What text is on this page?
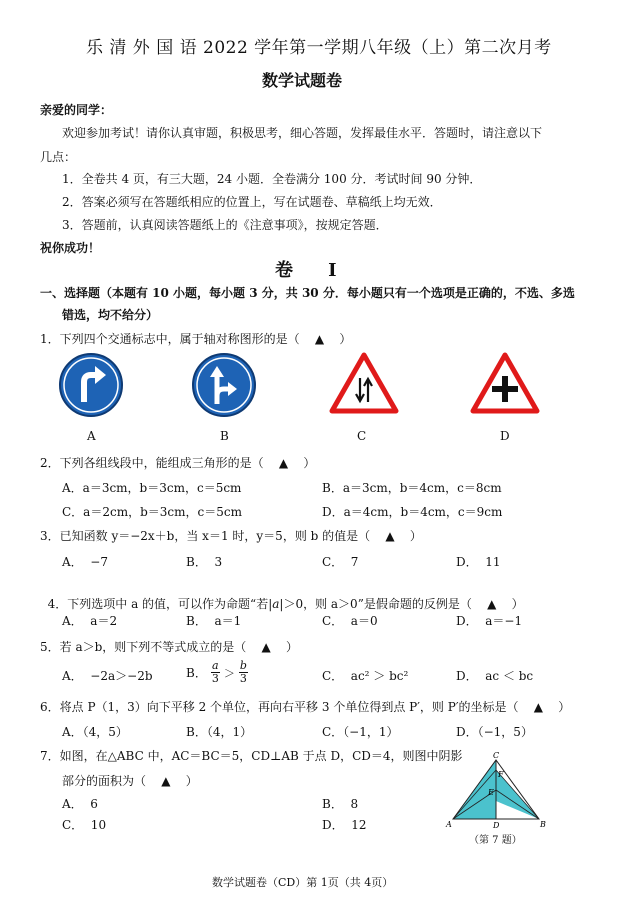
乐 清 外 国 语 2022 学年第一学期八年级（上）第二次月考
数学试题卷
亲爱的同学：
欢迎参加考试！请你认真审题，积极思考，细心答题，发挥最佳水平．答题时，请注意以下
几点：
1．全卷共 4 页，有三大题，24 小题．全卷满分 100 分．考试时间 90 分钟．
2．答案必须写在答题纸相应的位置上，写在试题卷、草稿纸上均无效．
3．答题前，认真阅读答题纸上的《注意事项》，按规定答题．
祝你成功！
卷    Ⅰ
一、选择题（本题有 10 小题，每小题 3 分，共 30 分．每小题只有一个选项是正确的，不选、多选
错选，均不给分）
1．下列四个交通标志中，属于轴对称图形的是（    ▲    ）
A	B	C	D
2．下列各组线段中，能组成三角形的是（    ▲    ）
A．a＝3cm，b＝3cm，c＝5cm	B．a＝3cm，b＝4cm，c＝8cm
C．a＝2cm，b＝3cm，c＝5cm	D．a＝4cm，b＝4cm，c＝9cm
3．已知函数 y＝−2x＋b，当 x＝1 时，y＝5，则 b 的值是（    ▲    ）
A．  −7	B．  3	C．  7	D．  11

4．下列选项中 a 的值，可以作为命题“若|a|＞0，则 a＞0”是假命题的反例是（    ▲    ）

A．  a＝2	B．  a＝1	C．  a＝0	D．  a＝−1
5．若 a＞b，则下列不等式成立的是（    ▲    ）
A．  −2a＞−2b	B． $\frac{a}{3} > \frac{b}{3}$	C．  ac² ＞ bc²	D．  ac ＜ bc
6．将点 P（1，3）向下平移 2 个单位，再向右平移 3 个单位得到点 P′，则 P′的坐标是（    ▲    ）
A．（4，5）	B．（4，1）	C．（−1，1）	D．（−1，5）
7．如图，在△ABC 中，AC＝BC＝5，CD⊥AB 于点 D，CD＝4，则图中阴影
部分的面积为（    ▲    ）
A．  6	B．  8
C．  10	D．  12
C
F
E
A	D	B
（第 7 题）
数学试题卷（CD）第 1页（共 4页）
